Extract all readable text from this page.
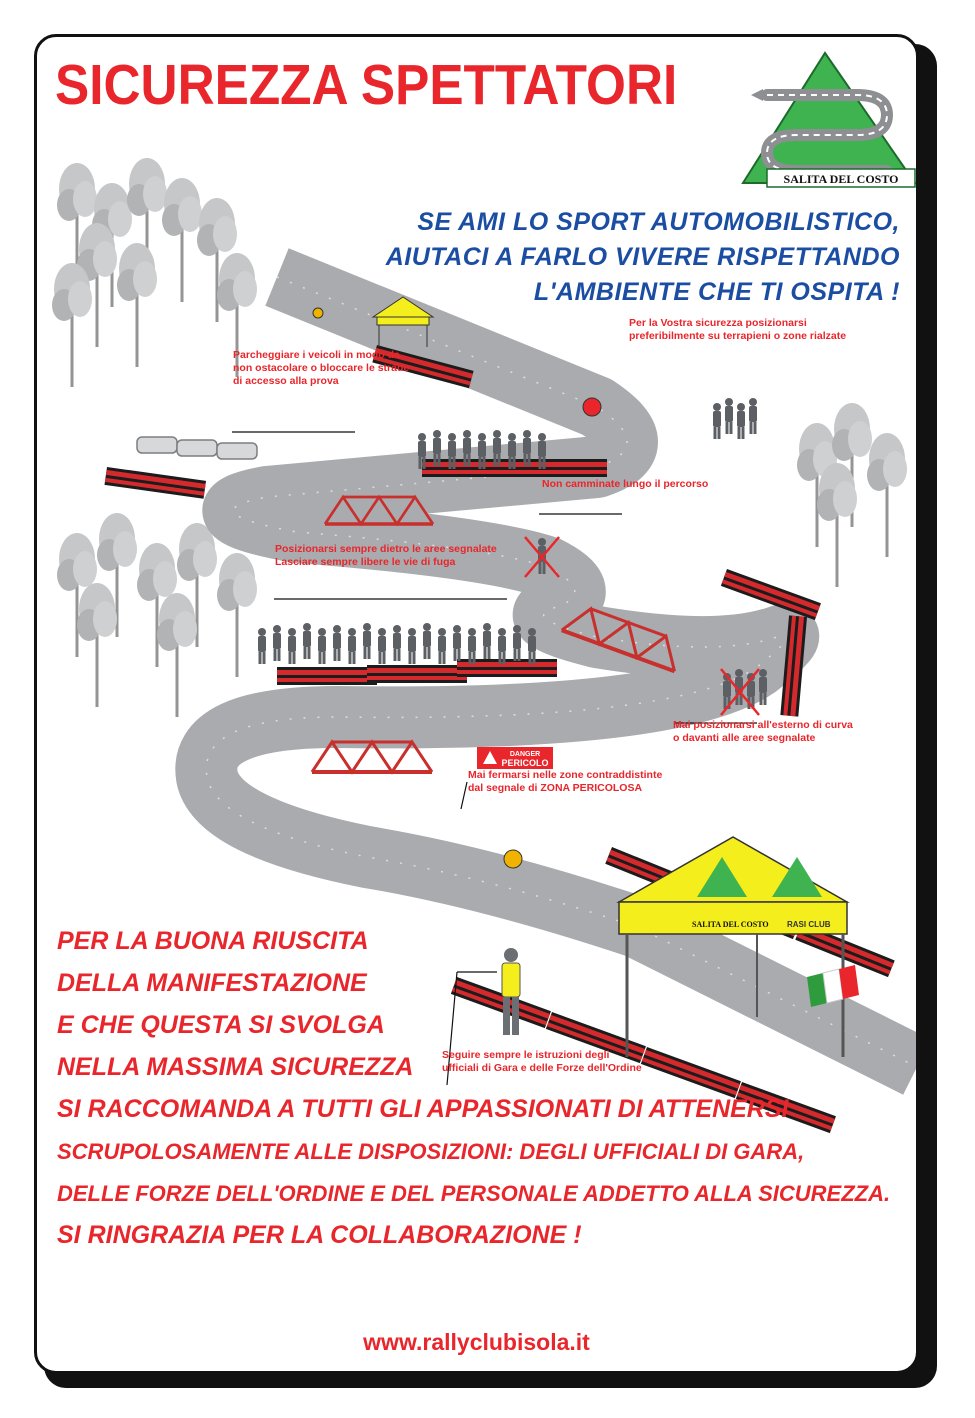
SICUREZZA SPETTATORI
SALITA DEL COSTO
SE AMI LO SPORT AUTOMOBILISTICO,
AIUTACI A FARLO VIVERE RISPETTANDO
L'AMBIENTE CHE TI OSPITA !
DANGER
PERICOLO
SALITA DEL COSTO RASI CLUB
Parcheggiare i veicoli in modo da
non ostacolare o bloccare le strade
di accesso alla prova
Per la Vostra sicurezza posizionarsi
preferibilmente su terrapieni o zone rialzate
Non camminate lungo il percorso
Posizionarsi sempre dietro le aree segnalate
Lasciare sempre libere le vie di fuga
Mai posizionarsi all'esterno di curva
o davanti alle aree segnalate
Mai fermarsi nelle zone contraddistinte
dal segnale di ZONA PERICOLOSA
Seguire sempre le istruzioni degli
ufficiali di Gara e delle Forze dell'Ordine
PER LA BUONA RIUSCITA
DELLA MANIFESTAZIONE
E CHE QUESTA SI SVOLGA
NELLA MASSIMA SICUREZZA
SI RACCOMANDA A TUTTI GLI APPASSIONATI DI ATTENERSI
SCRUPOLOSAMENTE ALLE DISPOSIZIONI: DEGLI UFFICIALI DI GARA,
DELLE FORZE DELL'ORDINE E DEL PERSONALE ADDETTO ALLA SICUREZZA.
SI RINGRAZIA PER LA COLLABORAZIONE !
www.rallyclubisola.it
